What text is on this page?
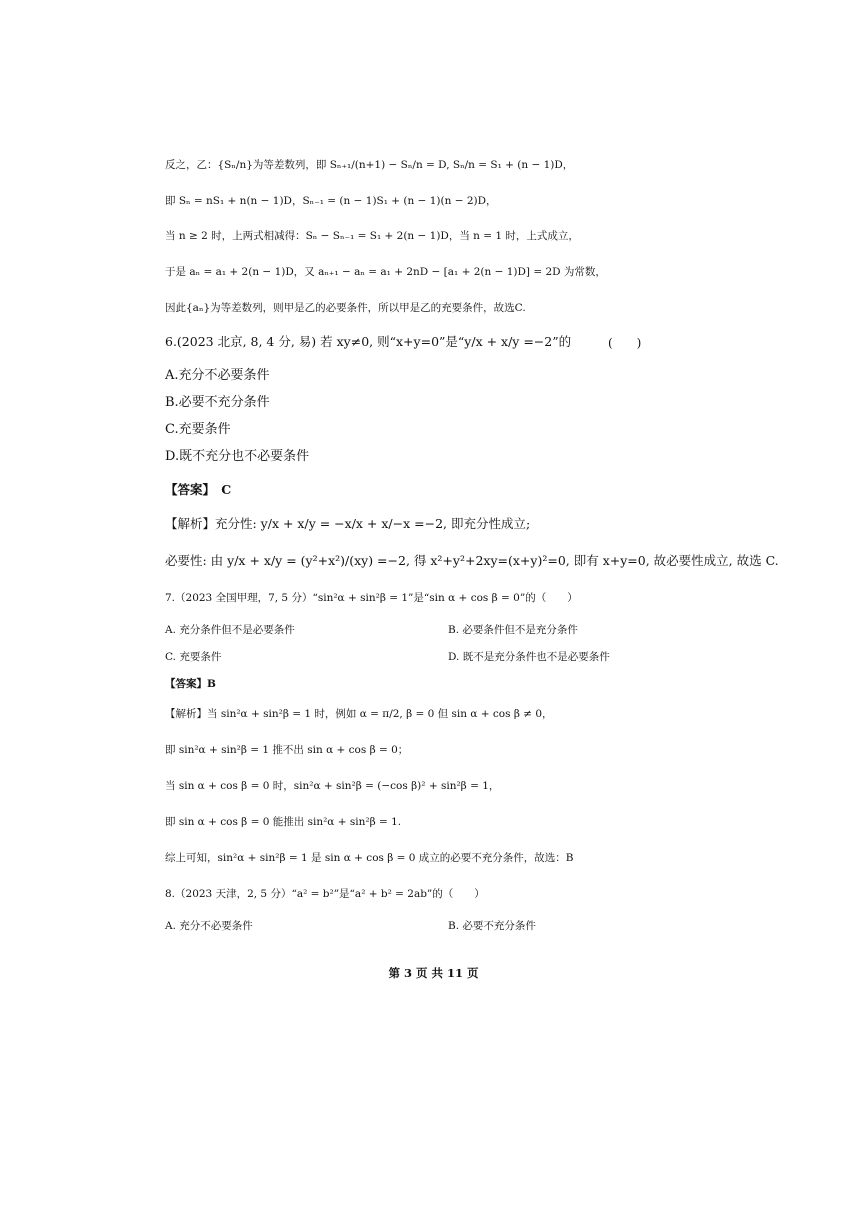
反之，乙：{Sₙ/n}为等差数列，即 Sₙ₊₁/(n+1) − Sₙ/n = D, Sₙ/n = S₁ + (n − 1)D，
即 Sₙ = nS₁ + n(n − 1)D，Sₙ₋₁ = (n − 1)S₁ + (n − 1)(n − 2)D，
当 n ≥ 2 时，上两式相减得：Sₙ − Sₙ₋₁ = S₁ + 2(n − 1)D，当 n = 1 时，上式成立，
于是 aₙ = a₁ + 2(n − 1)D，又 aₙ₊₁ − aₙ = a₁ + 2nD − [a₁ + 2(n − 1)D] = 2D 为常数，
因此{aₙ}为等差数列，则甲是乙的必要条件，所以甲是乙的充要条件，故选C.
6.(2023 北京, 8, 4 分, 易) 若 xy≠0, 则“x+y=0”是“y/x + x/y =−2”的	(　　)
A.充分不必要条件
B.必要不充分条件
C.充要条件
D.既不充分也不必要条件
【答案】　C
【解析】充分性: y/x + x/y = −x/x + x/−x =−2, 即充分性成立;
必要性: 由 y/x + x/y = (y²+x²)/(xy) =−2, 得 x²+y²+2xy=(x+y)²=0, 即有 x+y=0, 故必要性成立, 故选 C.
7.（2023 全国甲理，7, 5 分）“sin²α + sin²β = 1”是“sin α + cos β = 0”的（　　）
A. 充分条件但不是必要条件	B. 必要条件但不是充分条件
C. 充要条件	D. 既不是充分条件也不是必要条件
【答案】B
【解析】当 sin²α + sin²β = 1 时，例如 α = π/2, β = 0 但 sin α + cos β ≠ 0，
即 sin²α + sin²β = 1 推不出 sin α + cos β = 0；
当 sin α + cos β = 0 时，sin²α + sin²β = (−cos β)² + sin²β = 1，
即 sin α + cos β = 0 能推出 sin²α + sin²β = 1.
综上可知，sin²α + sin²β = 1 是 sin α + cos β = 0 成立的必要不充分条件，故选：B
8.（2023 天津，2, 5 分）“a² = b²”是“a² + b² = 2ab”的（　　）
A. 充分不必要条件	B. 必要不充分条件
第 3 页 共 11 页
